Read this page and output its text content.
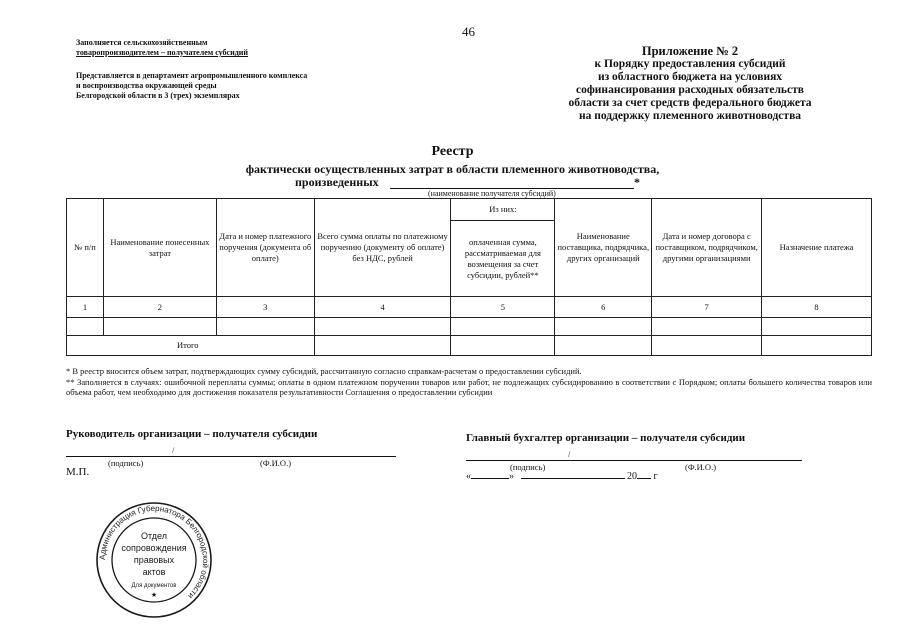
46
Заполняется сельскохозяйственным
товаропроизводителем – получателем субсидий
Представляется в департамент агропромышленного комплекса
и воспроизводства окружающей среды
Белгородской области в 3 (трех) экземплярах
Приложение № 2
к Порядку предоставления субсидий
из областного бюджета на условиях
софинансирования расходных обязательств
области за счет средств федерального бюджета
на поддержку племенного животноводства
Реестр
фактически осуществленных затрат в области племенного животноводства,
произведенных	*
(наименование получателя субсидий)
№ п/п	Наименование понесенных затрат	Дата и номер платежного поручения (документа об оплате)	Всего сумма оплаты по платежному поручению (документу об оплате) без НДС, рублей	Из них:	Наименование поставщика, подрядчика, других организаций	Дата и номер договора с поставщиком, подрядчиком, другими организациями	Назначение платежа
				оплаченная сумма, рассматриваемая для возмещения за счет субсидии, рублей**			
1	2	3	4	5	6	7	8

Итого							
* В реестр вносится объем затрат, подтверждающих сумму субсидий, рассчитанную согласно справкам-расчетам о предоставлении субсидий.
** Заполняется в случаях: ошибочной переплаты суммы; оплаты в одном платежном поручении товаров или работ, не подлежащих субсидированию в соответствии с Порядком; оплаты большего количества товаров или объема работ, чем необходимо для достижения показателя результативности Соглашения о предоставлении субсидии
Руководитель организации – получателя субсидии
/
(подпись)	(Ф.И.О.)
М.П.
Главный бухгалтер организации – получателя субсидии
/
(подпись)	(Ф.И.О.)
«	»	20 г
Администрация Губернатора Белгородской области
Отдел
сопровождения
правовых
актов
Для документов
★
